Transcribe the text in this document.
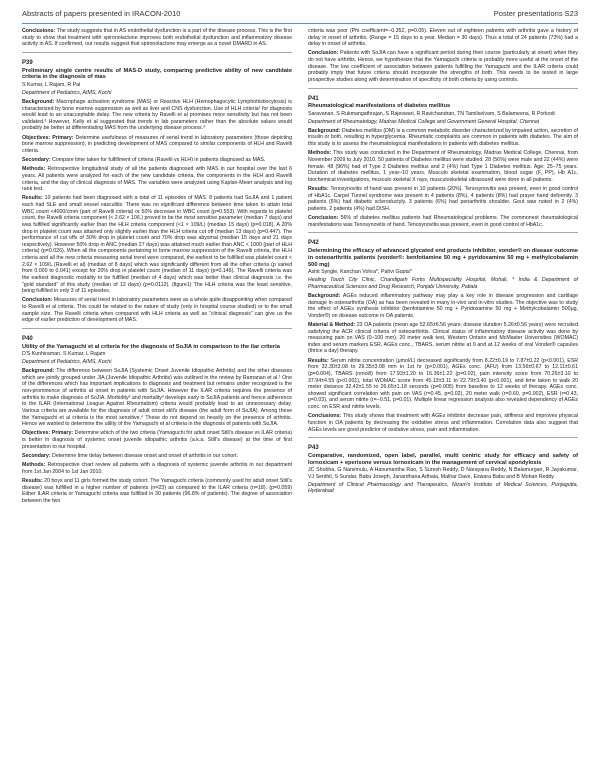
Abstracts of papers presented in IRACON-2010	Poster presentations S23

Conclusions: The study suggests that in AS endothelial dysfunction is a part of the disease process. This is the first study to show that treatment with spironolactone improves both endothelial dysfunction and inflammatory disease activity in AS. If confirmed, our results suggest that spironolactone may emerge as a novel DMARD in AS.

P39
Preliminary single centre results of MAS-D study, comparing predictive ability of new candidate criteria in the diagnosis of mas
S Kumar, L Rajam, R Pai
Department of Pediatrics, AIMS, Kochi

Background: Macrophage activation syndrome (MAS) or Reactive HLH (Hemophagocytic Lymphohistiocytosis) is characterized by bone marrow suppression as well as liver and CNS dysfunction. Use of HLH criteria¹ for diagnosis would lead to an unacceptable delay. The new criteria by Ravelli et al promises more sensitivity but has not been validated.² However, Kelly et al suggested that trends in lab parameters rather than the absolute values would probably be better at differentiating MAS from the underlying disease process.³

Objectives: Primary: Determine usefulness of measures of serial trend in laboratory parameters (those depicting bone marrow suppression), in predicting development of MAS compared to similar components of HLH and Ravelli criteria.

Secondary: Compare time taken for fulfillment of criteria (Ravelli vs HLH) in patients diagnosed as MAS.

Methods: Retrospective longitudinal study of all the patients diagnosed with MAS in our hospital over the last 6 years. All patients were analyzed for each of the new candidate criteria, the components in the HLH and Ravelli criteria, and the day of clinical diagnosis of MAS. The variables were analyzed using Kaplan-Meier analysis and log rank test.

Results: 10 patients had been diagnosed with a total of 11 episodes of MAS. 8 patients had SoJIA and 1 patient each had SLE and small vessel vasculitis. There was no significant difference between time taken to attain total WBC count <4000/cmm (part of Ravelli criteria) or 50% decrease in WBC count (p=0.553). With regards to platelet count, the Ravelli criteria component (< 2.62 × 10/L) proved to be the most sensitive parameter (median 7 days) and was fulfilled significantly earlier than the HLH criteria component (<1 × 109/L) (median 15 days) (p=0.018). A 20% drop in platelet count was attained only slightly earlier than the HLH criteria cut off (median 13 days) (p=0.447). The performance of cut offs of 30% drop in platelet count and 70% drop was abysmal (median 15 days and 21 days respectively). However 50% drop in ANC (median 27 days) was attained much earlier than ANC < 1000 (part of HLH criteria) (p=0.026). When all the components pertaining to bone marrow suppression of the Ravelli criteria, the HLH criteria and all the new criteria measuring serial trend were compared, the earliest to be fulfilled was platelet count < 2.62 × 109/L (Ravelli et al) (median of 8 days) which was significantly different from all the other criteria (p varied from 0.000 to 0.041) except for 20% drop in platelet count (median of 11 days) (p=0.146). The Ravelli criteria was the earliest diagnostic modality to be fulfilled (median of 4 days) which was better than clinical diagnosis i.e. the “gold standard” of this study (median of 12 days) (p=0.0112). (figure1) The HLH criteria was the least sensitive, being fulfilled in only 3 of 11 episodes.

Conclusion: Measures of serial trend in laboratory parameters were as a whole quite disappointing when compared to Ravelli et al criteria. This could be related to the nature of study (only in hospital course studied) or to the small sample size. The Ravelli criteria when compared with HLH criteria as well as “clinical diagnosis” can give us the edge of earlier prediction of development of MAS.

P40
Utility of the Yamaguchi et al criteria for the diagnosis of SoJIA in comparison to the ilar criteria
D'S Kunhiraman, S Kumar, L Rajam
Department of Pediatrics, AIMS, Kochi

Background: The difference between SoJIA (Systemic Onset Juvenile Idiopathic Arthritis) and the other diseases which are jointly grouped under JIA (Juvenile Idiopathic Arthritis) was outlined in the review by Ramanan et al.¹ One of the differences which has important implications to diagnosis and treatment but remains under recognized is the non-prominence of arthritis at onset in patients with SoJIA. However the ILAR criteria requires the presence of arthritis to make diagnosis of SoJIA. Morbidity² and mortality³ develops early in SoJIA patients and hence adherence to the ILAR (International League Against Rheumatism) criteria would probably lead to an unnecessary delay. Various criteria are available for the diagnosis of adult onset still's disease (the adult form of SoJIA). Among these the Yamaguchi et al criteria is the most sensitive.⁴ These do not depend so heavily on the presence of arthritis. Hence we wanted to determine the utility of the Yamaguchi et al criteria in the diagnosis of patients with SoJIA.

Objectives: Primary: Determine which of the two criteria (Yamaguchi for adult onset Still's disease vs ILAR criteria) is better in diagnosis of systemic onset juvenile idiopathic arthritis (a.k.a. Still's disease) at the time of first presentation to our hospital.

Secondary: Determine time delay between disease onset and onset of arthritis in our cohort.

Methods: Retrospective chart review all patients with a diagnosis of systemic juvenile arthritis in our department from 1st Jan 2004 to 1st Jan 2010.

Results: 20 boys and 11 girls formed the study cohort. The Yamaguchi criteria (commonly used for adult onset Still's disease) was fulfilled in a higher number of patients (n=23) as compared to the ILAR criteria (n=18). (p=0.059) Either ILAR criteria or Yamaguchi criteria was fulfilled in 30 patients (96.8% of patients). The degree of association between the two

criteria was poor (Phi coefficient=−0.352, p=0.05). Eleven out of eighteen patients with arthritis gave a history of delay in onset of arthritis. (Range = 15 days to a year. Median = 30 days). Thus a total of 24 patients (73%) had a delay in onset of arthritis.

Conclusion: Patients with SoJIA can have a significant period during their course (particularly at onset) when they do not have arthritis. Hence, we hypothesize that the Yamaguchi criteria is probably more useful at the onset of the disease. The low coefficient of association between patients fulfilling the Yamaguchi and the ILAR criteria could probably imply that future criteria should incorporate the strengths of both. This needs to be tested in large prospective studies along with determination of specificity of both criteria by using controls.

P41
Rheumatological manifestations of diabetes mellitus
Saravanan, S Rukmangathrajan, S Rajeswari, R Ravichandran, TN Tamilselvam, S Balameena, R Porkodi
Department of Rheumatology, Madras Medical College and Government General Hospital, Chennai

Background: Diabetes mellitus (DM) is a common metabolic disorder characterized by impaired action, secretion of insulin or both, resulting in hyperglycemia. Rheumatic complaints are common in patients with diabetes. The aim of this study is to assess the rheumatological manifestations in patients with diabetes mellitus.

Methods: This study was conducted in the Department of Rheumatology, Madras Medical College, Chennai, from November 2009 to July 2010. 50 patients of Diabetes mellitus were studied. 28 (56%) were male and 22 (44%) were female. 48 (96%) had of Type 2 Diabetes mellitus and 2 (4%) had Type 1 Diabetes mellitus. Age: 25–75 years. Duration of diabetes mellitus, 1 year–10 years. Musculo skeletal examination, blood sugar (F, PP), Hb A1c, biochemical investigations, musculo skeletal X rays, musculoskeletal ultrasound were done in all patients.

Results: Tenosynovitis of hand was present in 10 patients (20%). Tenosynovitis was present, even in good control of HbA1c. Carpel Tunnel syndrome was present in 4 patients (8%), 4 patients (8%) had prayer hand deformity. 3 patients (6%) had diabetic scleroductyly. 3 patients (6%) had periarthritis shoulder. Gout was noted in 2 (4%) patients. 2 patients (4%) had DISH.

Conclusion: 56% of diabetes mellitus patients had Rheumatological problems. The commonest rheumatological manifestations was Tenosynovitis of hand. Tenosynovitis was present, even in good control of HbA1c.

P42
Determining the efficacy of advanced glycated end products inhibitor, vonder® on disease outcome in osteoarthritis patients (vonder®: benfotiamine 50 mg + pyridoxamine 50 mg + methylcobalamin 500 mg)
Ashit Syngle, Kanchan Vohra*, Pahvi Gupta*
Healing Touch City Clinic, Chandigarh Fortis Multispeciality Hospital, Mohali, * India & Department of Pharmaceutical Sciences and Drug Research, Punjabi University, Patiala

Background: AGEs induced inflammatory pathway may play a key role in disease progression and cartilage damage in osteoarthritis (OA) as has been revealed in many in-vivo and in-vitro studies. The objective was to study the effect of AGEs synthesis inhibitor (benfotiamine 50 mg + Pyridoxamine 50 mg + Methylcobalamin 500μg, Vonder®) on disease outcome in OA patients.

Material & Method: 23 OA patients (mean age 52.65±6.56 years; disease duration 5.26±0.56 years) were recruited satisfying the ACR clinical criteria of osteoarthritis. Clinical status of inflammatory disease activity was done by measuring pain on VAS (0–100 mm), 20 meter walk test, Western Ontario and McMaster Universities (WOMAC) index and serum markers ESR, AGEs conc., TBARS, serum nitrite at 0 and at 12 weeks of oral Vonder® capsules (thrice a day) therapy.

Results: Serum nitrite concentration (μmol/L) decreased significantly from 8.22±0.19 to 7.87±0.22 (p<0.001), ESR from 32.30±3.08 to 29.35±3.08 mm in 1st hr (p<0.001), AGEs conc. (AFU) from 13.56±0.67 to 12.11±0.61 (p=0.004), TBARS (nmol/l) from 17.93±1.20 to 16.36±1.22 (p=0.02), pain intensity score from 70.26±3.10 to 37.94±4.55 (p<0.001), total WOMAC score from 45.13±3.11 to 22.79±3.40 (p<0.001), and time taken to walk 20 meter distance 32.42±1.55 to 26.65±1.18 seconds (p=0.005) from baseline to 12 weeks of therapy. AGEs conc. showed significant correlation with pain on VAS (r=0.45, p=0.02), 20 meter walk (r=0.60, p=0.002), ESR (r=0.43, p=0.03), and serum nitrite (r=−0.51, p=0.01). Multiple linear regression analysis also revealed dependency of AGEs conc. on ESR and nitrite levels.

Conclusions: This study shows that treatment with AGEs inhibitor decrease pain, stiffness and improves physical function in OA patients by decreasing the oxidative stress and inflammation. Correlation data also suggest that AGEs levels are good predictor of oxidative stress, pain and inflammation.

P43
Comparative, randomized, open label, parallel, multi centric study for efficacy and safety of lornoxicam + eperisone versus lornoxicam in the management of cervical spondylosis
JC Shobha, G Narsimulu, A Hanumantha Rao, S Suresh Reddy, D Narayana Reddy, N Balamurgan, R Jayakumar, VJ Senthil, S Sundar, Babu Joseph, Janardhana Adhala, Malhar Dave, Eswara Babu and B Mohan Reddy
Department of Clinical Pharmacology and Therapeutics, Nizam's Institute of Medical Sciences, Punjagutta, Hyderabad
